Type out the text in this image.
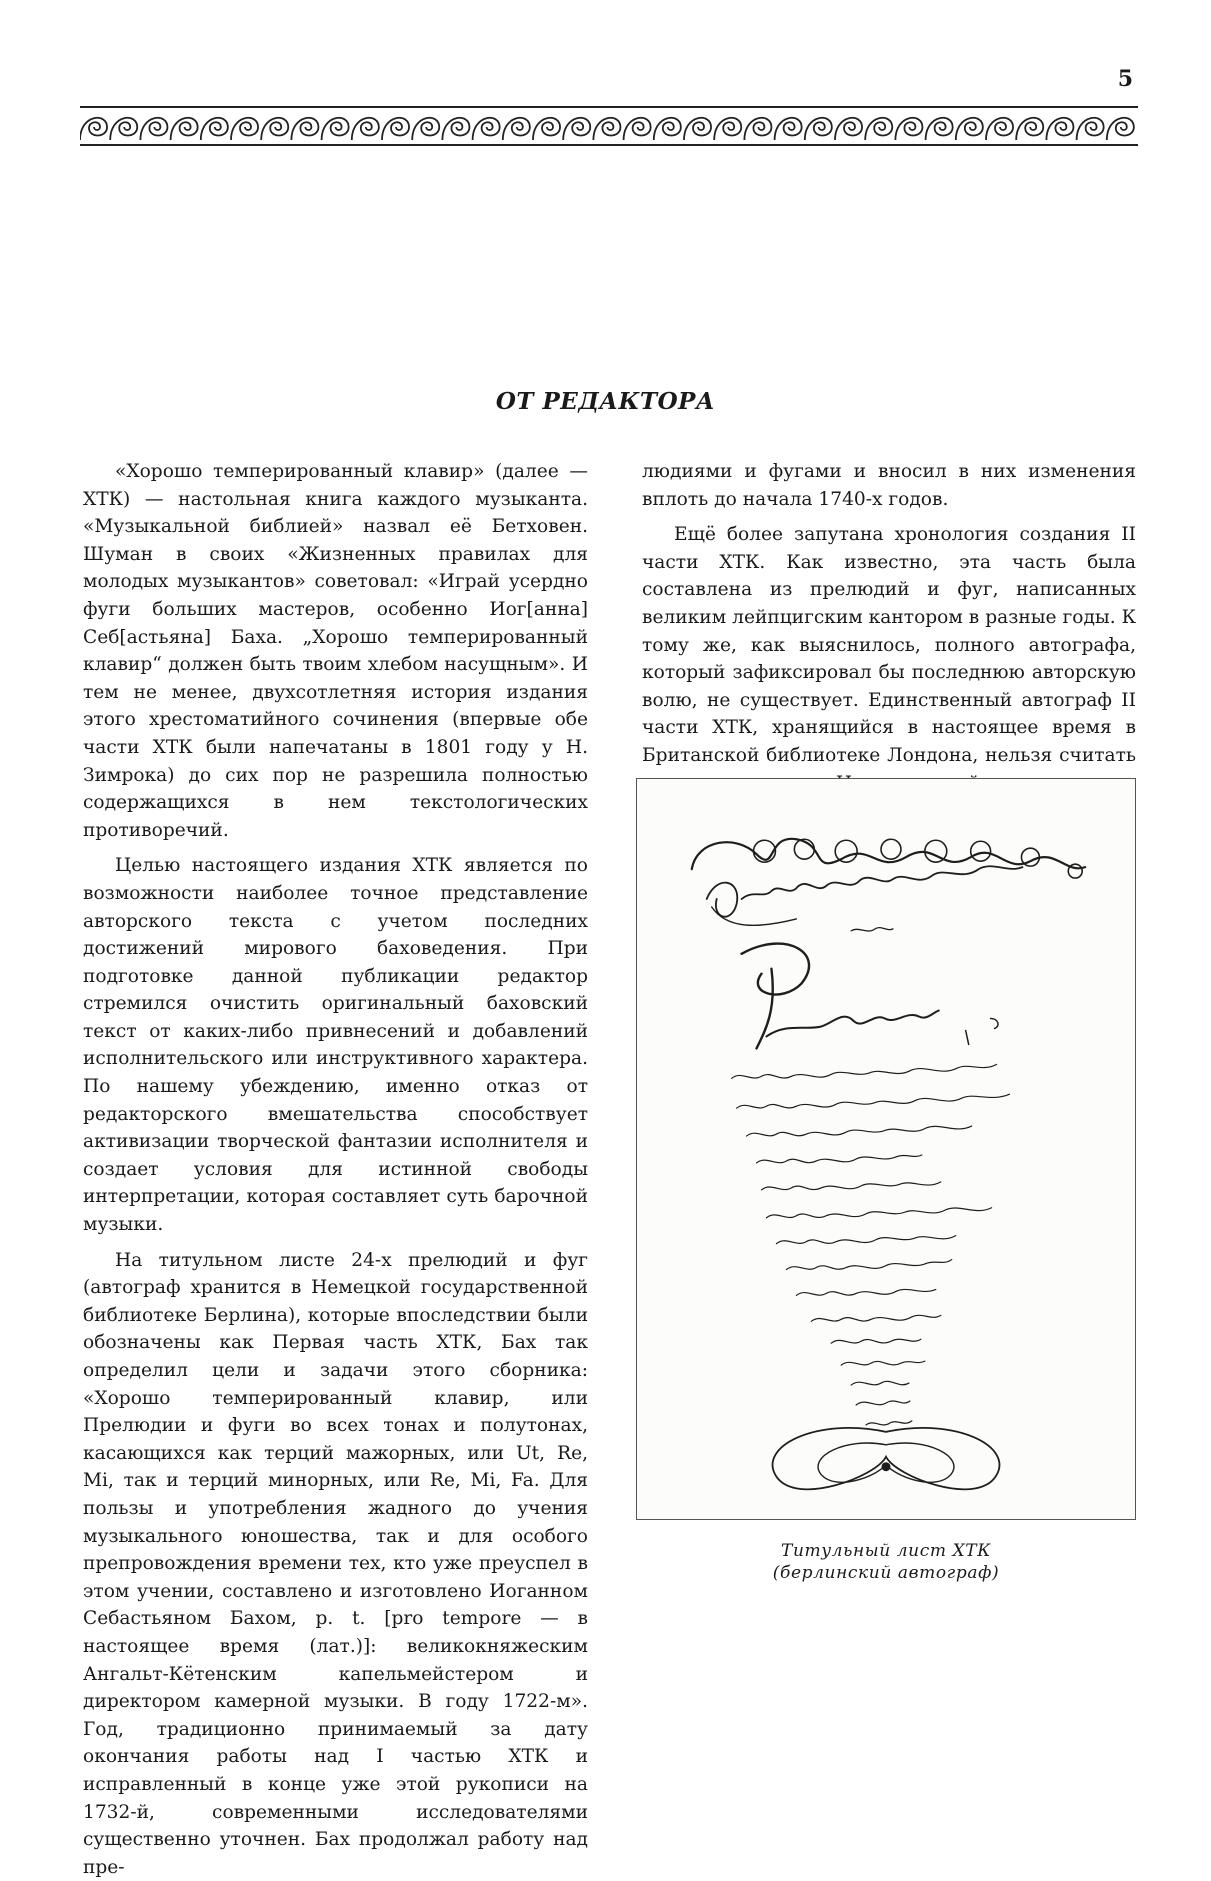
5
ОТ РЕДАКТОРА

«Хорошо темперированный клавир» (далее — ХТК) — настольная книга каждого музыканта. «Музыкальной библией» назвал её Бетховен. Шуман в своих «Жизненных правилах для молодых музыкантов» советовал: «Играй усердно фуги больших мастеров, особенно Иог[анна] Себ[астьяна] Баха. „Хорошо темперированный клавир“ должен быть твоим хлебом насущным». И тем не менее, двухсотлетняя история издания этого хрестоматийного сочинения (впервые обе части ХТК были напечатаны в 1801 году у Н. Зимрока) до сих пор не разрешила полностью содержащихся в нем текстологических противоречий.

Целью настоящего издания ХТК является по возможности наиболее точное представление авторского текста с учетом последних достижений мирового баховедения. При подготовке данной публикации редактор стремился очистить оригинальный баховский текст от каких-либо привнесений и добавлений исполнительского или инструктивного характера. По нашему убеждению, именно отказ от редакторского вмешательства способствует активизации творческой фантазии исполнителя и создает условия для истинной свободы интерпретации, которая составляет суть барочной музыки.

На титульном листе 24-х прелюдий и фуг (автограф хранится в Немецкой государственной библиотеке Берлина), которые впоследствии были обозначены как Первая часть ХТК, Бах так определил цели и задачи этого сборника: «Хорошо темперированный клавир, или Прелюдии и фуги во всех тонах и полутонах, касающихся как терций мажорных, или Ut, Re, Mi, так и терций минорных, или Re, Mi, Fa. Для пользы и употребления жадного до учения музыкального юношества, так и для особого препровождения времени тех, кто уже преуспел в этом учении, составлено и изготовлено Иоганном Себастьяном Бахом, p. t. [pro tempore — в настоящее время (лат.)]: великокняжеским Ангальт-Кётенским капельмейстером и директором камерной музыки. В году 1722-м». Год, традиционно принимаемый за дату окончания работы над I частью ХТК и исправленный в конце уже этой рукописи на 1732-й, современными исследователями существенно уточнен. Бах продолжал работу над пре-

людиями и фугами и вносил в них изменения вплоть до начала 1740-х годов.

Ещё более запутана хронология создания II части ХТК. Как известно, эта часть была составлена из прелюдий и фуг, написанных великим лейпцигским кантором в разные годы. К тому же, как выяснилось, полного автографа, который зафиксировал бы последнюю авторскую волю, не существует. Единственный автограф II части ХТК, хранящийся в настоящее время в Британской библиотеке Лондона, нельзя считать

Титульный лист ХТК
(берлинский автограф)
